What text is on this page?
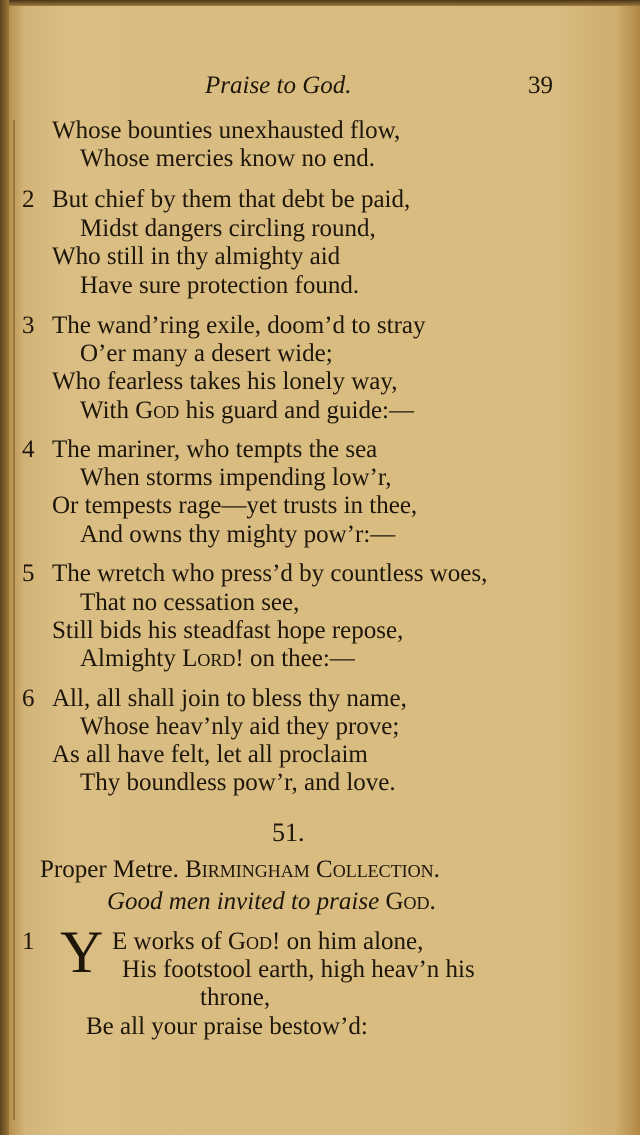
Praise to God.	39
Whose bounties unexhausted flow,
Whose mercies know no end.
2 But chief by them that debt be paid,
Midst dangers circling round,
Who still in thy almighty aid
Have sure protection found.
3 The wand’ring exile, doom’d to stray
O’er many a desert wide;
Who fearless takes his lonely way,
With God his guard and guide:—
4 The mariner, who tempts the sea
When storms impending low’r,
Or tempests rage—yet trusts in thee,
And owns thy mighty pow’r:—
5 The wretch who press’d by countless woes,
That no cessation see,
Still bids his steadfast hope repose,
Almighty Lord! on thee:—
6 All, all shall join to bless thy name,
Whose heav’nly aid they prove;
As all have felt, let all proclaim
Thy boundless pow’r, and love.
51.
Proper Metre. Birmingham Collection.
Good men invited to praise God.
1 Y E works of God! on him alone,
His footstool earth, high heav’n his
throne,
Be all your praise bestow’d:
